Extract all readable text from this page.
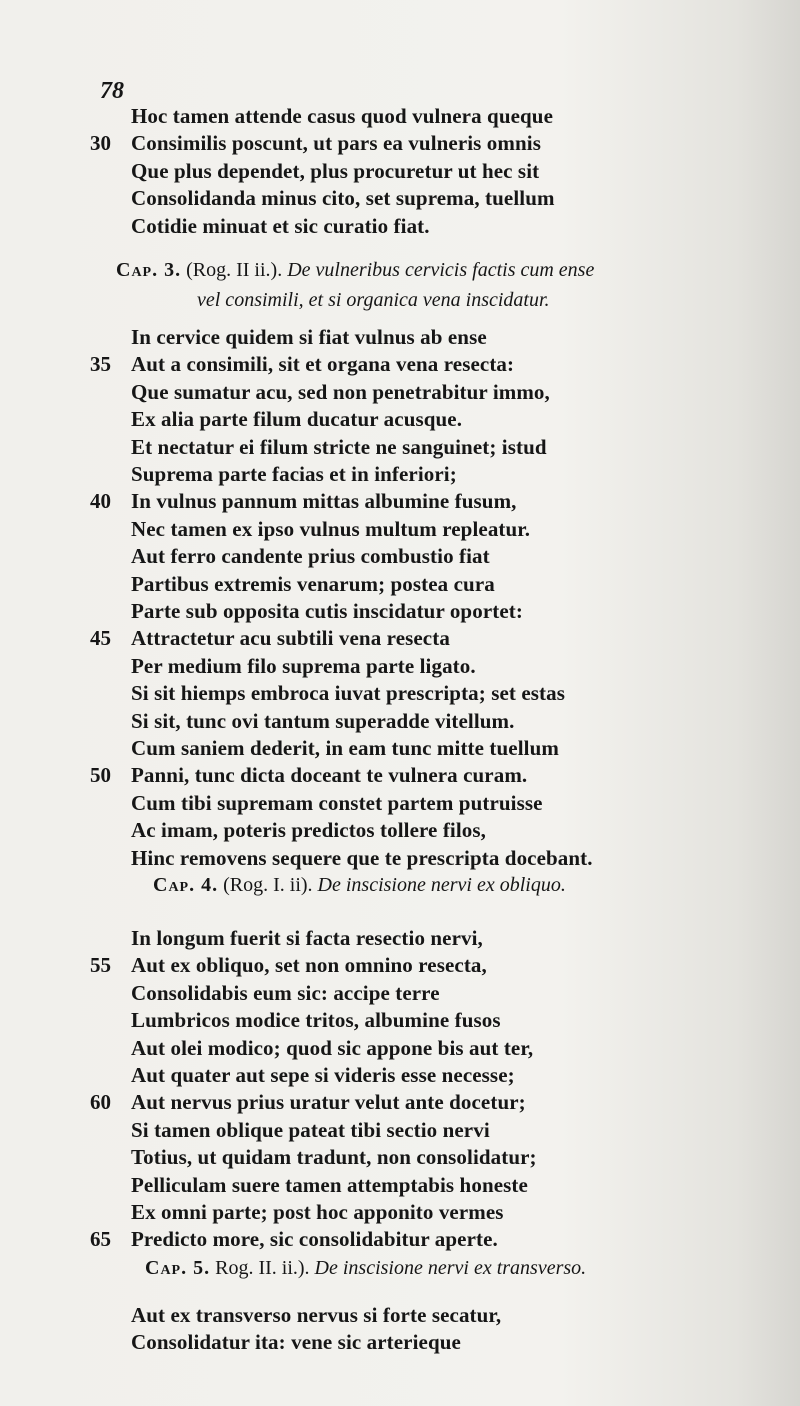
78
Hoc tamen attende casus quod vulnera queque
30 Consimilis poscunt, ut pars ea vulneris omnis
Que plus dependet, plus procuretur ut hec sit
Consolidanda minus cito, set suprema, tuellum
Cotidie minuat et sic curatio fiat.
Cap. 3. (Rog. II ii.). De vulneribus cervicis factis cum ense
vel consimili, et si organica vena inscidatur.
In cervice quidem si fiat vulnus ab ense
35 Aut a consimili, sit et organa vena resecta:
Que sumatur acu, sed non penetrabitur immo,
Ex alia parte filum ducatur acusque.
Et nectatur ei filum stricte ne sanguinet; istud
Suprema parte facias et in inferiori;
40 In vulnus pannum mittas albumine fusum,
Nec tamen ex ipso vulnus multum repleatur.
Aut ferro candente prius combustio fiat
Partibus extremis venarum; postea cura
Parte sub opposita cutis inscidatur oportet:
45 Attractetur acu subtili vena resecta
Per medium filo suprema parte ligato.
Si sit hiemps embroca iuvat prescripta; set estas
Si sit, tunc ovi tantum superadde vitellum.
Cum saniem dederit, in eam tunc mitte tuellum
50 Panni, tunc dicta doceant te vulnera curam.
Cum tibi supremam constet partem putruisse
Ac imam, poteris predictos tollere filos,
Hinc removens sequere que te prescripta docebant.
Cap. 4. (Rog. I. ii). De inscisione nervi ex obliquo.
In longum fuerit si facta resectio nervi,
55 Aut ex obliquo, set non omnino resecta,
Consolidabis eum sic: accipe terre
Lumbricos modice tritos, albumine fusos
Aut olei modico; quod sic appone bis aut ter,
Aut quater aut sepe si videris esse necesse;
60 Aut nervus prius uratur velut ante docetur;
Si tamen oblique pateat tibi sectio nervi
Totius, ut quidam tradunt, non consolidatur;
Pelliculam suere tamen attemptabis honeste
Ex omni parte; post hoc apponito vermes
65 Predicto more, sic consolidabitur aperte.
Cap. 5. Rog. II. ii.). De inscisione nervi ex transverso.
Aut ex transverso nervus si forte secatur,
Consolidatur ita: vene sic arterieque
